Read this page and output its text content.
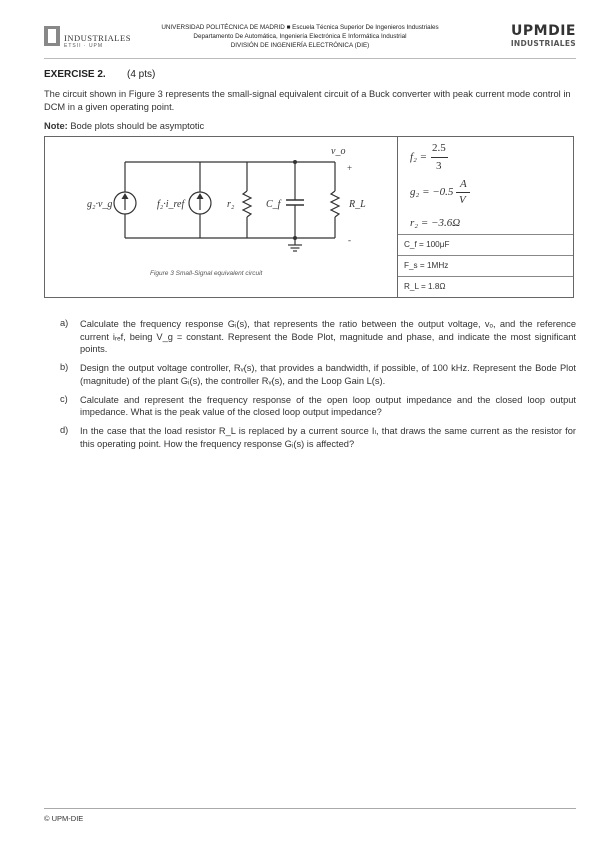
INDUSTRIALES
ETSII · UPM
UNIVERSIDAD POLITÉCNICA DE MADRID ■ Escuela Técnica Superior De Ingenieros Industriales
Departamento De Automática, Ingeniería Electrónica E Informática Industrial
DIVISIÓN DE INGENIERÍA ELECTRÓNICA (DIE)
UPMDIE
INDUSTRIALES
EXERCISE 2. (4 pts)
The circuit shown in Figure 3 represents the small-signal equivalent circuit of a Buck converter with peak current mode control in DCM in a given operating point.
Note: Bode plots should be asymptotic
g₂·v_g	f₂·i_ref	r₂	C_f	R_L
v_o
+
-
Figure 3 Small-Signal equivalent circuit
f₂ =
2.5
3
g₂ = −0.5
A
V
r₂ = −3.6Ω
C_f = 100μF
F_s = 1MHz
R_L = 1.8Ω
a) Calculate the frequency response Gᵢ(s), that represents the ratio between the output voltage, vₒ, and the reference current iᵣₑf, being V_g = constant. Represent the Bode Plot, magnitude and phase, and indicate the most significant points.
b) Design the output voltage controller, Rᵥ(s), that provides a bandwidth, if possible, of 100 kHz. Represent the Bode Plot (magnitude) of the plant Gᵢ(s), the controller Rᵥ(s), and the Loop Gain L(s).
c) Calculate and represent the frequency response of the open loop output impedance and the closed loop output impedance. What is the peak value of the closed loop output impedance?
d) In the case that the load resistor R_L is replaced by a current source Iₗ, that draws the same current as the resistor for this operating point. How the frequency response Gᵢ(s) is affected?
© UPM-DIE
